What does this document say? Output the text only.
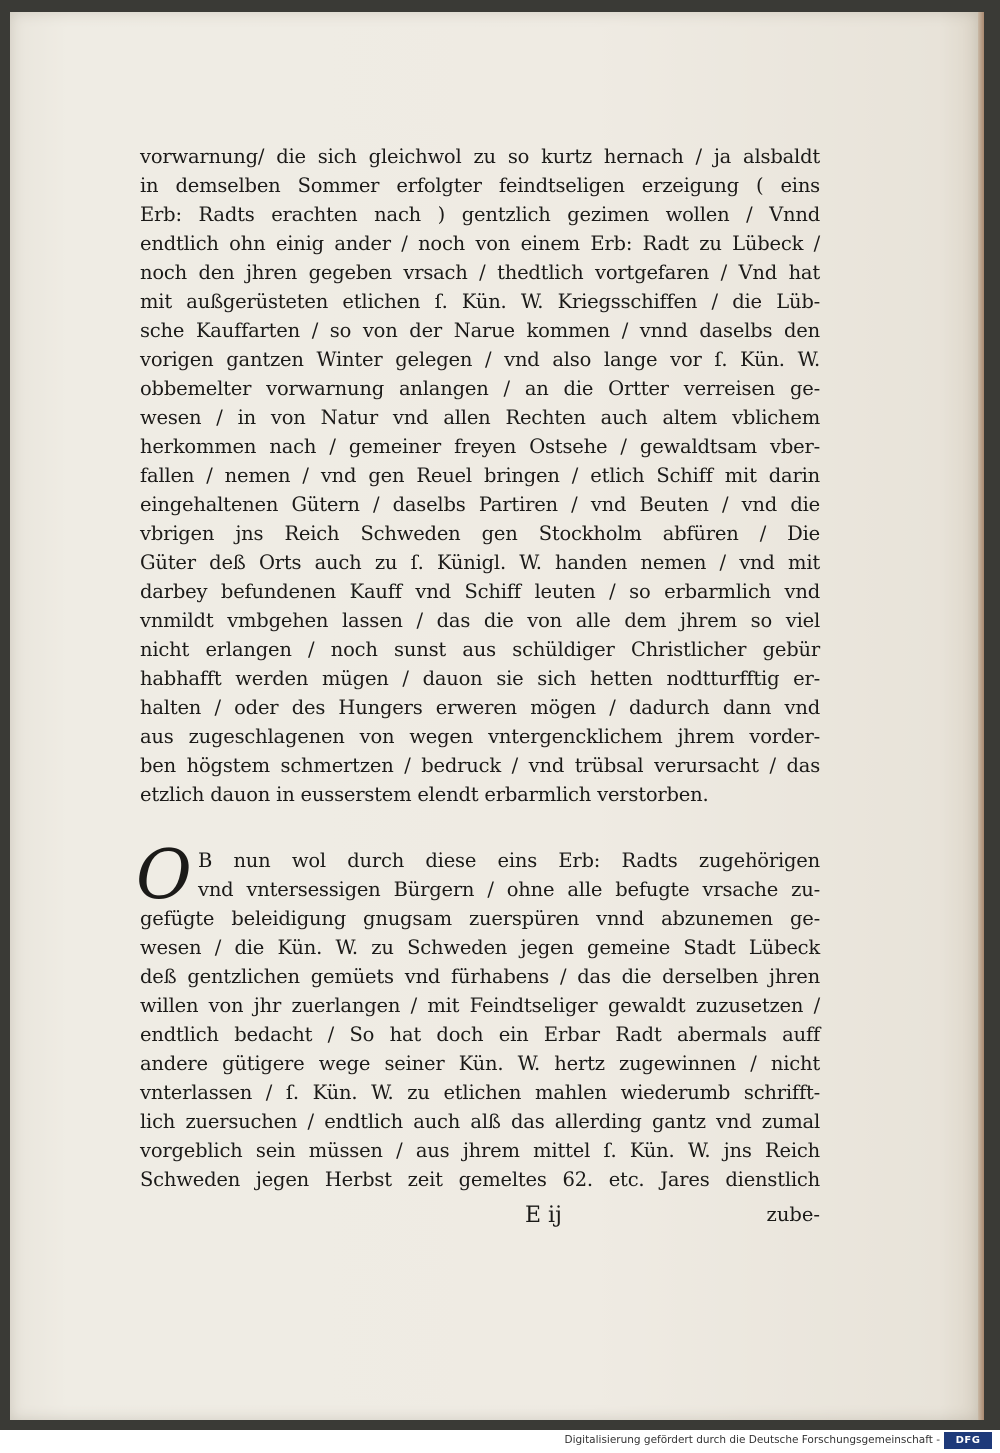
vorwarnung/ die sich gleichwol zu so kurtz hernach / ja alsbaldt
in demselben Sommer erfolgter feindtseligen erzeigung ( eins
Erb: Radts erachten nach ) gentzlich gezimen wollen / Vnnd
endtlich ohn einig ander / noch von einem Erb: Radt zu Lübeck /
noch den jhren gegeben vrsach / thedtlich vortgefaren / Vnd hat
mit außgerüsteten etlichen ſ. Kün. W. Kriegsschiffen / die Lüb-
sche Kauffarten / so von der Narue kommen / vnnd daselbs den
vorigen gantzen Winter gelegen / vnd also lange vor ſ. Kün. W.
obbemelter vorwarnung anlangen / an die Ortter verreisen ge-
wesen / in von Natur vnd allen Rechten auch altem vblichem
herkommen nach / gemeiner freyen Ostsehe / gewaldtsam vber-
fallen / nemen / vnd gen Reuel bringen / etlich Schiff mit darin
eingehaltenen Gütern / daselbs Partiren / vnd Beuten / vnd die
vbrigen jns Reich Schweden gen Stockholm abfüren / Die
Güter deß Orts auch zu ſ. Künigl. W. handen nemen / vnd mit
darbey befundenen Kauff vnd Schiff leuten / so erbarmlich vnd
vnmildt vmbgehen lassen / das die von alle dem jhrem so viel
nicht erlangen / noch sunst aus schüldiger Christlicher gebür
habhafft werden mügen / dauon sie sich hetten nodtturfftig er-
halten / oder des Hungers erweren mögen / dadurch dann vnd
aus zugeschlagenen von wegen vntergencklichem jhrem vorder-
ben högstem schmertzen / bedruck / vnd trübsal verursacht / das
etzlich dauon in eusserstem elendt erbarmlich verstorben.
O B nun wol durch diese eins Erb: Radts zugehörigen
vnd vntersessigen Bürgern / ohne alle befugte vrsache zu-
gefügte beleidigung gnugsam zuerspüren vnnd abzunemen ge-
wesen / die Kün. W. zu Schweden jegen gemeine Stadt Lübeck
deß gentzlichen gemüets vnd fürhabens / das die derselben jhren
willen von jhr zuerlangen / mit Feindtseliger gewaldt zuzusetzen /
endtlich bedacht / So hat doch ein Erbar Radt abermals auff
andere gütigere wege seiner Kün. W. hertz zugewinnen / nicht
vnterlassen / ſ. Kün. W. zu etlichen mahlen wiederumb schrifft-
lich zuersuchen / endtlich auch alß das allerding gantz vnd zumal
vorgeblich sein müssen / aus jhrem mittel ſ. Kün. W. jns Reich
Schweden jegen Herbst zeit gemeltes 62. etc. Jares dienstlich
E ij	zube-
Digitalisierung gefördert durch die Deutsche Forschungsgemeinschaft -	DFG
